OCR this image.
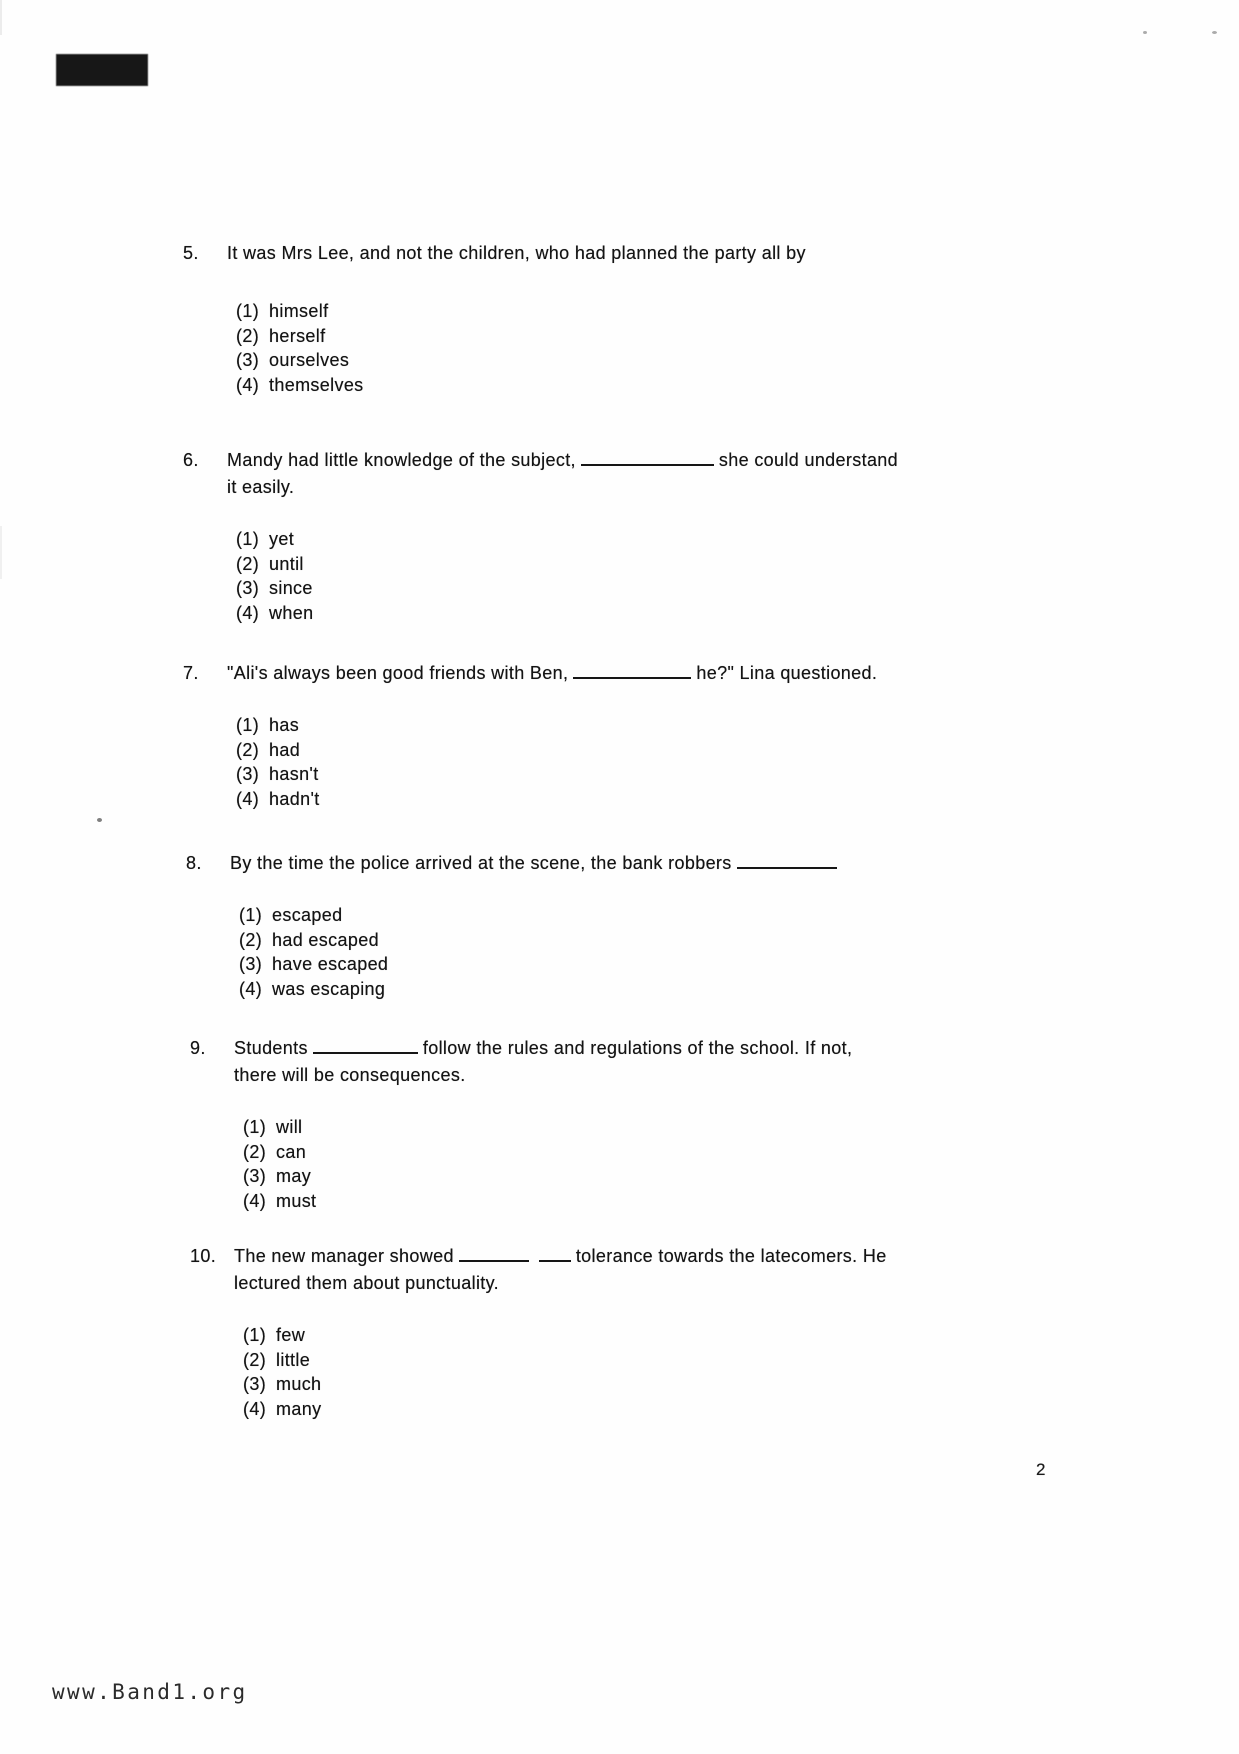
5.	It was Mrs Lee, and not the children, who had planned the party all by
(1) himself
(2) herself
(3) ourselves
(4) themselves
6.	Mandy had little knowledge of the subject,	she could understand
it easily.
(1) yet
(2) until
(3) since
(4) when
7.	"Ali's always been good friends with Ben,	he?" Lina questioned.
(1) has
(2) had
(3) hasn't
(4) hadn't
8.	By the time the police arrived at the scene, the bank robbers
(1) escaped
(2) had escaped
(3) have escaped
(4) was escaping
9.	Students	follow the rules and regulations of the school. If not,
there will be consequences.
(1) will
(2) can
(3) may
(4) must
10. The new manager showed	tolerance towards the latecomers. He
lectured them about punctuality.
(1) few
(2) little
(3) much
(4) many
2
www.Band1.org
